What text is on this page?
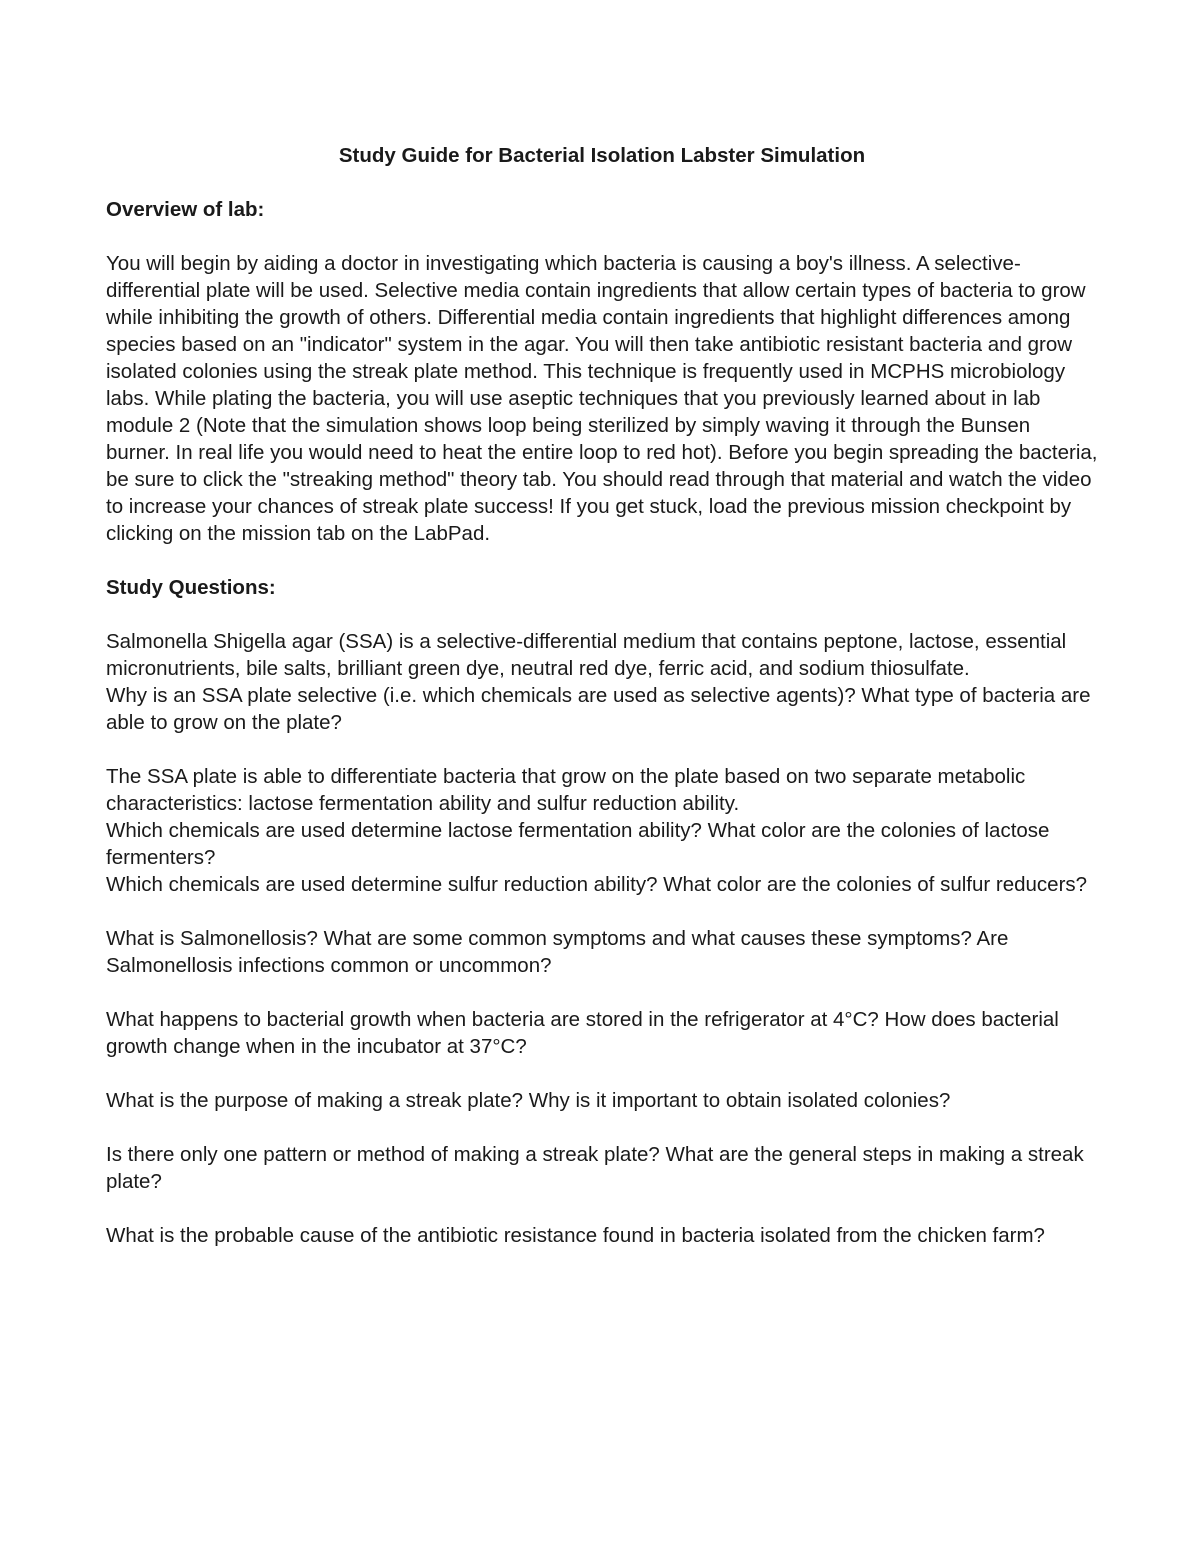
Study Guide for Bacterial Isolation Labster Simulation

Overview of lab:

You will begin by aiding a doctor in investigating which bacteria is causing a boy's illness. A selective-differential plate will be used. Selective media contain ingredients that allow certain types of bacteria to grow while inhibiting the growth of others. Differential media contain ingredients that highlight differences among species based on an "indicator" system in the agar. You will then take antibiotic resistant bacteria and grow isolated colonies using the streak plate method. This technique is frequently used in MCPHS microbiology labs. While plating the bacteria, you will use aseptic techniques that you previously learned about in lab module 2 (Note that the simulation shows loop being sterilized by simply waving it through the Bunsen burner. In real life you would need to heat the entire loop to red hot). Before you begin spreading the bacteria, be sure to click the "streaking method" theory tab. You should read through that material and watch the video to increase your chances of streak plate success! If you get stuck, load the previous mission checkpoint by clicking on the mission tab on the LabPad.

Study Questions:

Salmonella Shigella agar (SSA) is a selective-differential medium that contains peptone, lactose, essential micronutrients, bile salts, brilliant green dye, neutral red dye, ferric acid, and sodium thiosulfate.

Why is an SSA plate selective (i.e. which chemicals are used as selective agents)? What type of bacteria are able to grow on the plate?

The SSA plate is able to differentiate bacteria that grow on the plate based on two separate metabolic characteristics: lactose fermentation ability and sulfur reduction ability.

Which chemicals are used determine lactose fermentation ability? What color are the colonies of lactose fermenters?

Which chemicals are used determine sulfur reduction ability? What color are the colonies of sulfur reducers?

What is Salmonellosis? What are some common symptoms and what causes these symptoms? Are Salmonellosis infections common or uncommon?

What happens to bacterial growth when bacteria are stored in the refrigerator at 4°C? How does bacterial growth change when in the incubator at 37°C?

What is the purpose of making a streak plate? Why is it important to obtain isolated colonies?

Is there only one pattern or method of making a streak plate? What are the general steps in making a streak plate?

What is the probable cause of the antibiotic resistance found in bacteria isolated from the chicken farm?
